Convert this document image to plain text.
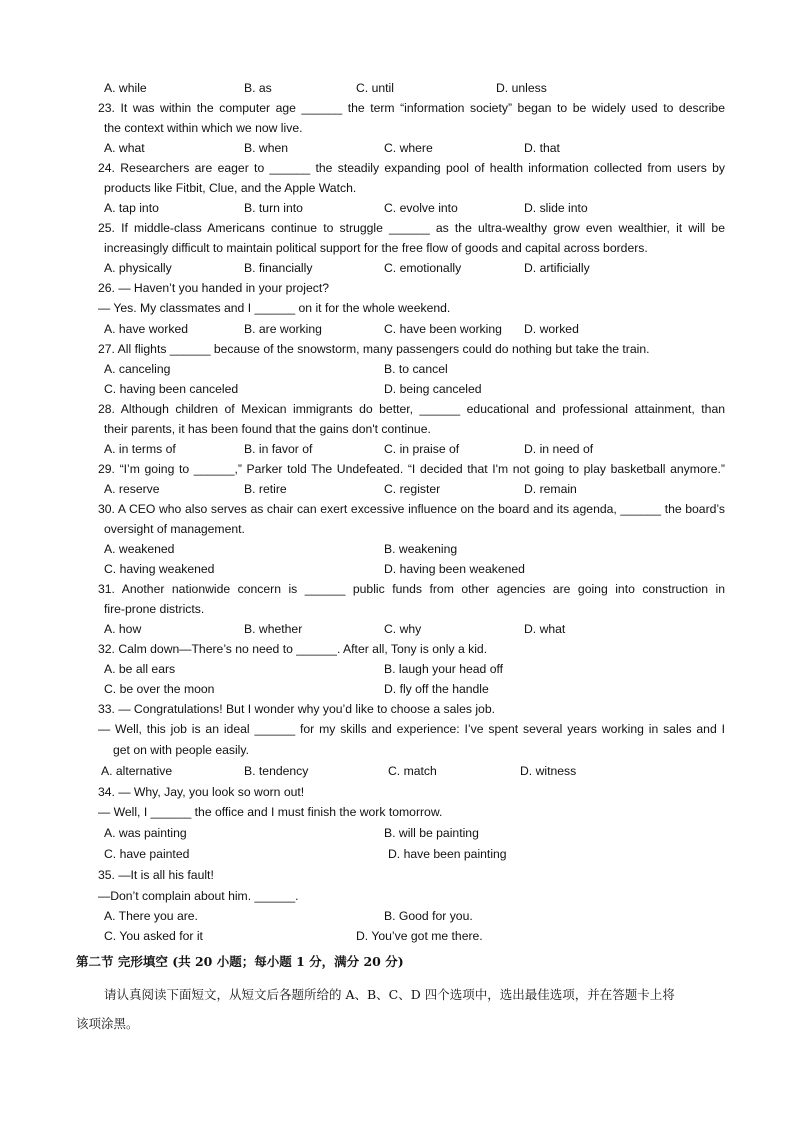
A. while	B. as	C. until	D. unless
23. It was within the computer age ______ the term “information society” began to be widely used to describe
the context within which we now live.
A. what	B. when	C. where	D. that
24. Researchers are eager to ______ the steadily expanding pool of health information collected from users by
products like Fitbit, Clue, and the Apple Watch.
A. tap into	B. turn into	C. evolve into	D. slide into
25. If middle-class Americans continue to struggle ______ as the ultra-wealthy grow even wealthier, it will be
increasingly difficult to maintain political support for the free flow of goods and capital across borders.
A. physically	B. financially	C. emotionally	D. artificially
26. — Haven’t you handed in your project?
— Yes. My classmates and I ______ on it for the whole weekend.
A. have worked	B. are working	C. have been working D. worked
27. All flights ______ because of the snowstorm, many passengers could do nothing but take the train.
A. canceling	B. to cancel
C. having been canceled	D. being canceled
28. Although children of Mexican immigrants do better, ______ educational and professional attainment, than
their parents, it has been found that the gains don't continue.
A. in terms of	B. in favor of	C. in praise of	D. in need of
29. “I’m going to ______,” Parker told The Undefeated. “I decided that I'm not going to play basketball anymore.”
A. reserve	B. retire	C. register	D. remain
30. A CEO who also serves as chair can exert excessive influence on the board and its agenda, ______ the board’s
oversight of management.
A. weakened	B. weakening
C. having weakened	D. having been weakened
31. Another nationwide concern is ______ public funds from other agencies are going into construction in
fire-prone districts.
A. how	B. whether	C. why	D. what
32. Calm down—There’s no need to ______. After all, Tony is only a kid.
A. be all ears	B. laugh your head off
C. be over the moon	D. fly off the handle
33. — Congratulations! But I wonder why you’d like to choose a sales job.
— Well, this job is an ideal ______ for my skills and experience: I’ve spent several years working in sales and I
get on with people easily.
A. alternative	B. tendency	C. match	D. witness
34. — Why, Jay, you look so worn out!
— Well, I ______ the office and I must finish the work tomorrow.
A. was painting	B. will be painting
C. have painted	D. have been painting
35. —It is all his fault!
—Don’t complain about him. ______.
A. There you are.	B. Good for you.
C. You asked for it	D. You’ve got me there.
第二节 完形填空 (共 20 小题；每小题 1 分，满分 20 分)
请认真阅读下面短文，从短文后各题所给的 A、B、C、D 四个选项中，选出最佳选项，并在答题卡上将
该项涂黑。
